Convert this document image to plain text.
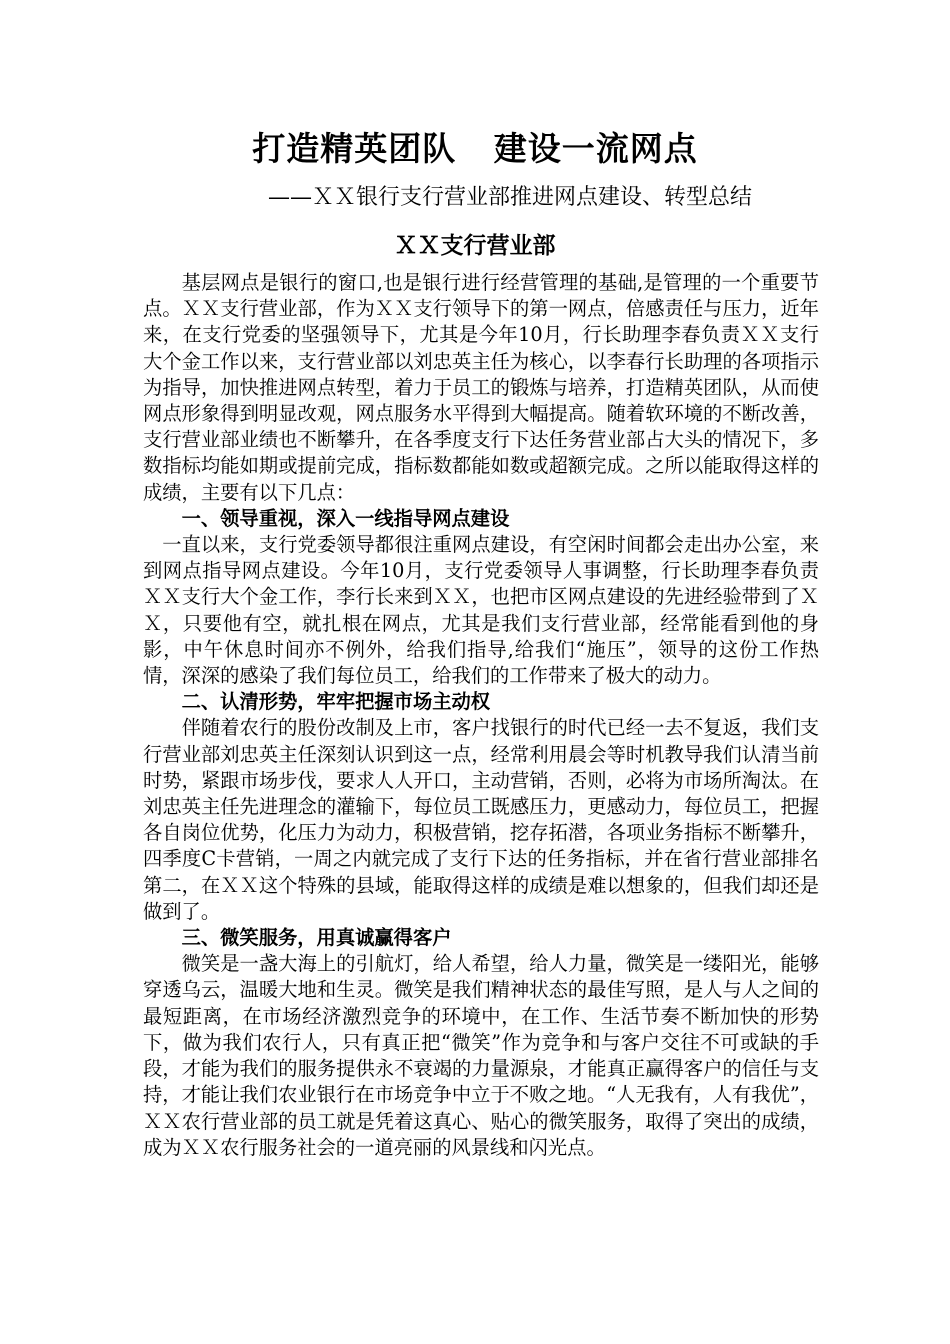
打造精英团队   建设一流网点
——ＸＸ银行支行营业部推进网点建设、转型总结
ＸＸ支行营业部

基层网点是银行的窗口,也是银行进行经营管理的基础,是管理的一个重要节点。ＸＸ支行营业部，作为ＸＸ支行领导下的第一网点，倍感责任与压力，近年来，在支行党委的坚强领导下，尤其是今年10月，行长助理李春负责ＸＸ支行大个金工作以来，支行营业部以刘忠英主任为核心，以李春行长助理的各项指示为指导，加快推进网点转型，着力于员工的锻炼与培养，打造精英团队，从而使网点形象得到明显改观，网点服务水平得到大幅提高。随着软环境的不断改善，支行营业部业绩也不断攀升，在各季度支行下达任务营业部占大头的情况下，多数指标均能如期或提前完成，指标数都能如数或超额完成。之所以能取得这样的成绩，主要有以下几点：

一、领导重视，深入一线指导网点建设

一直以来，支行党委领导都很注重网点建设，有空闲时间都会走出办公室，来到网点指导网点建设。今年10月，支行党委领导人事调整，行长助理李春负责ＸＸ支行大个金工作，李行长来到ＸＸ，也把市区网点建设的先进经验带到了ＸＸ，只要他有空，就扎根在网点，尤其是我们支行营业部，经常能看到他的身影，中午休息时间亦不例外，给我们指导,给我们“施压”，领导的这份工作热情，深深的感染了我们每位员工，给我们的工作带来了极大的动力。

二、认清形势，牢牢把握市场主动权

伴随着农行的股份改制及上市，客户找银行的时代已经一去不复返，我们支行营业部刘忠英主任深刻认识到这一点，经常利用晨会等时机教导我们认清当前时势，紧跟市场步伐，要求人人开口，主动营销，否则，必将为市场所淘汰。在刘忠英主任先进理念的灌输下，每位员工既感压力，更感动力，每位员工，把握各自岗位优势，化压力为动力，积极营销，挖存拓潜，各项业务指标不断攀升，四季度C卡营销，一周之内就完成了支行下达的任务指标，并在省行营业部排名第二，在ＸＸ这个特殊的县域，能取得这样的成绩是难以想象的，但我们却还是做到了。

三、微笑服务，用真诚赢得客户

微笑是一盏大海上的引航灯，给人希望，给人力量，微笑是一缕阳光，能够穿透乌云，温暖大地和生灵。微笑是我们精神状态的最佳写照，是人与人之间的最短距离，在市场经济激烈竞争的环境中，在工作、生活节奏不断加快的形势下，做为我们农行人，只有真正把“微笑”作为竞争和与客户交往不可或缺的手段，才能为我们的服务提供永不衰竭的力量源泉，才能真正赢得客户的信任与支持，才能让我们农业银行在市场竞争中立于不败之地。“人无我有，人有我优”，ＸＸ农行营业部的员工就是凭着这真心、贴心的微笑服务，取得了突出的成绩，成为ＸＸ农行服务社会的一道亮丽的风景线和闪光点。
